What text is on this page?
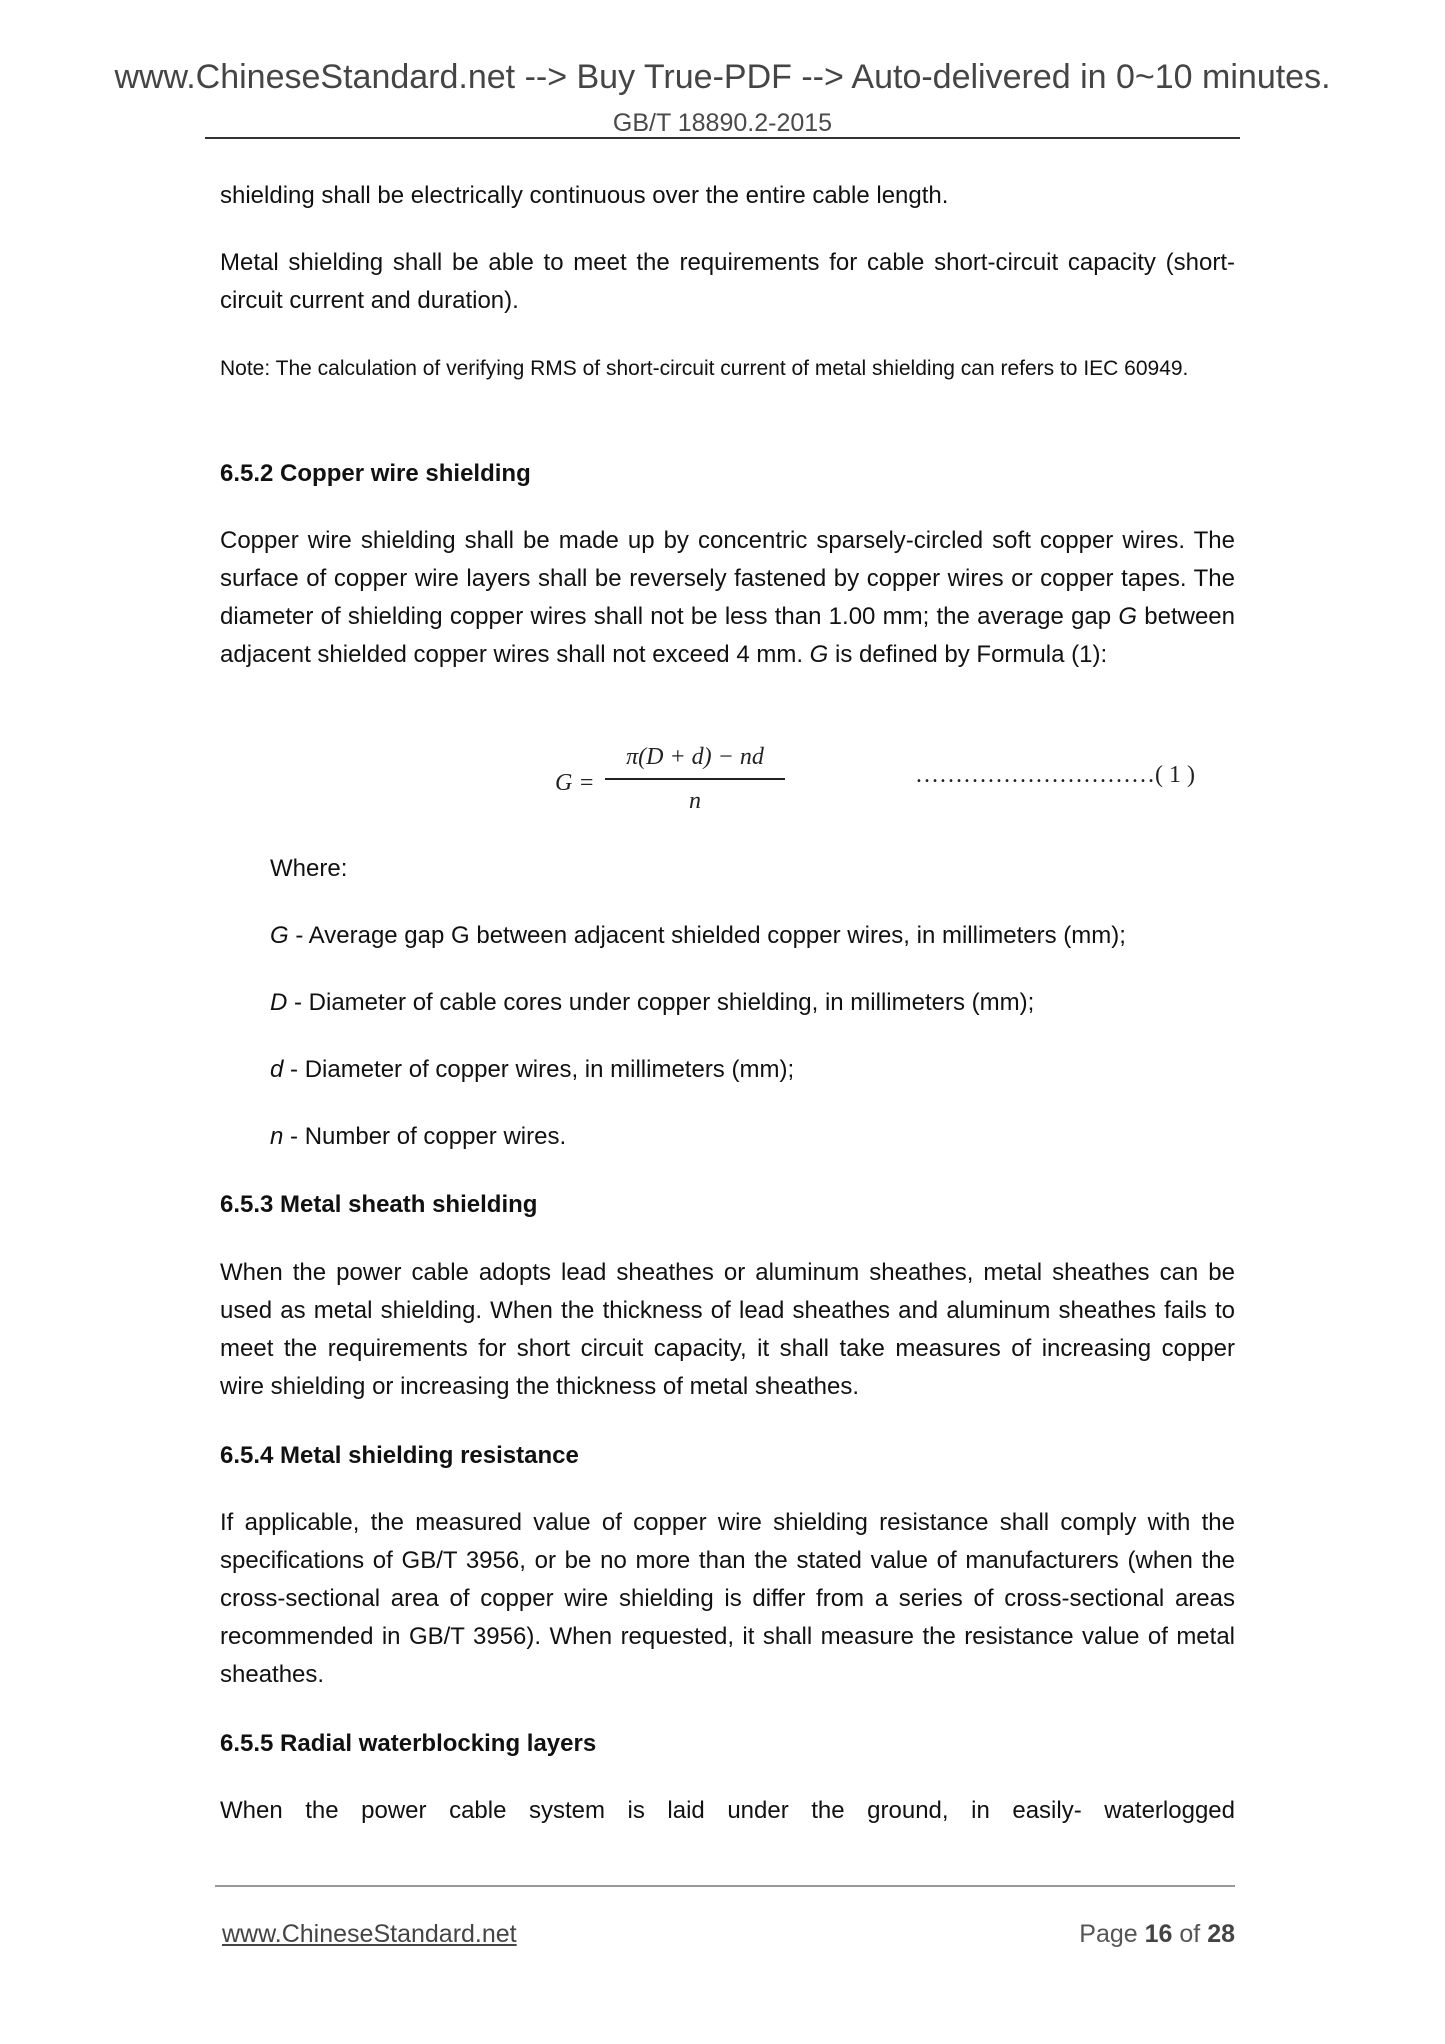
www.ChineseStandard.net --> Buy True-PDF --> Auto-delivered in 0~10 minutes.
GB/T 18890.2-2015

shielding shall be electrically continuous over the entire cable length.

Metal shielding shall be able to meet the requirements for cable short-circuit capacity (short-circuit current and duration).

Note: The calculation of verifying RMS of short-circuit current of metal shielding can refers to IEC 60949.

6.5.2 Copper wire shielding

Copper wire shielding shall be made up by concentric sparsely-circled soft copper wires. The surface of copper wire layers shall be reversely fastened by copper wires or copper tapes. The diameter of shielding copper wires shall not be less than 1.00 mm; the average gap G between adjacent shielded copper wires shall not exceed 4 mm. G is defined by Formula (1):

G =
π(D + d) − nd
n
…………………………( 1 )

Where:

G - Average gap G between adjacent shielded copper wires, in millimeters (mm);

D - Diameter of cable cores under copper shielding, in millimeters (mm);

d - Diameter of copper wires, in millimeters (mm);

n - Number of copper wires.

6.5.3 Metal sheath shielding

When the power cable adopts lead sheathes or aluminum sheathes, metal sheathes can be used as metal shielding. When the thickness of lead sheathes and aluminum sheathes fails to meet the requirements for short circuit capacity, it shall take measures of increasing copper wire shielding or increasing the thickness of metal sheathes.

6.5.4 Metal shielding resistance

If applicable, the measured value of copper wire shielding resistance shall comply with the specifications of GB/T 3956, or be no more than the stated value of manufacturers (when the cross-sectional area of copper wire shielding is differ from a series of cross-sectional areas recommended in GB/T 3956). When requested, it shall measure the resistance value of metal sheathes.

6.5.5 Radial waterblocking layers

When the power cable system is laid under the ground, in easily- waterlogged

www.ChineseStandard.net	Page 16 of 28
